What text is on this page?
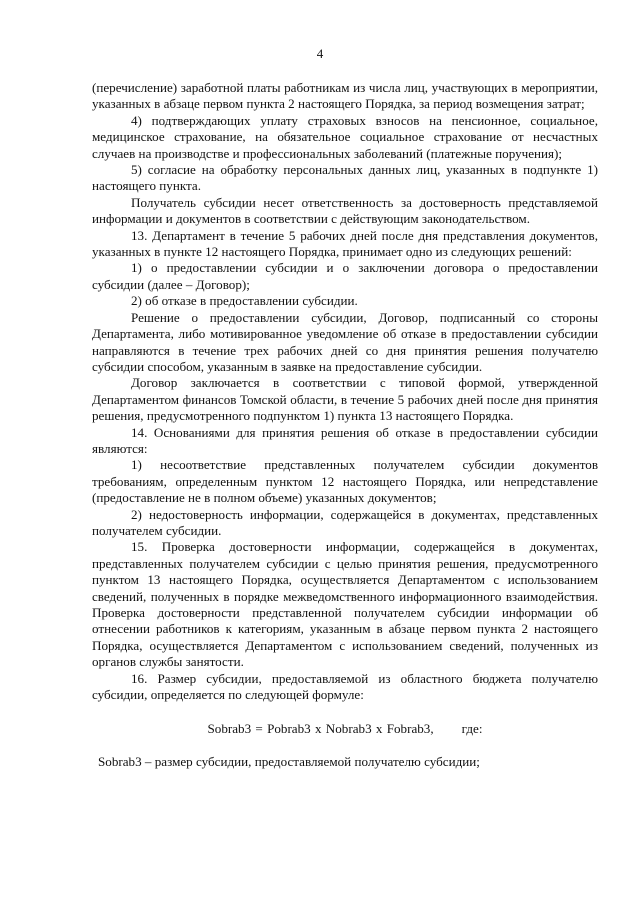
4

(перечисление) заработной платы работникам из числа лиц, участвующих в мероприятии, указанных в абзаце первом пункта 2 настоящего Порядка, за период возмещения затрат;

4) подтверждающих уплату страховых взносов на пенсионное, социальное, медицинское страхование, на обязательное социальное страхование от несчастных случаев на производстве и профессиональных заболеваний (платежные поручения);

5) согласие на обработку персональных данных лиц, указанных в подпункте 1) настоящего пункта.

Получатель субсидии несет ответственность за достоверность представляемой информации и документов в соответствии с действующим законодательством.

13. Департамент в течение 5 рабочих дней после дня представления документов, указанных в пункте 12 настоящего Порядка, принимает одно из следующих решений:

1) о предоставлении субсидии и о заключении договора о предоставлении субсидии (далее – Договор);

2) об отказе в предоставлении субсидии.

Решение о предоставлении субсидии, Договор, подписанный со стороны Департамента, либо мотивированное уведомление об отказе в предоставлении субсидии направляются в течение трех рабочих дней со дня принятия решения получателю субсидии способом, указанным в заявке на предоставление субсидии.

Договор заключается в соответствии с типовой формой, утвержденной Департаментом финансов Томской области, в течение 5 рабочих дней после дня принятия решения, предусмотренного подпунктом 1) пункта 13 настоящего Порядка.

14. Основаниями для принятия решения об отказе в предоставлении субсидии являются:

1) несоответствие представленных получателем субсидии документов требованиям, определенным пунктом 12 настоящего Порядка, или непредставление (предоставление не в полном объеме) указанных документов;

2) недостоверность информации, содержащейся в документах, представленных получателем субсидии.

15. Проверка достоверности информации, содержащейся в документах, представленных получателем субсидии с целью принятия решения, предусмотренного пунктом 13 настоящего Порядка, осуществляется Департаментом с использованием сведений, полученных в порядке межведомственного информационного взаимодействия. Проверка достоверности представленной получателем субсидии информации об отнесении работников к категориям, указанным в абзаце первом пункта 2 настоящего Порядка, осуществляется Департаментом с использованием сведений, полученных из органов службы занятости.

16. Размер субсидии, предоставляемой из областного бюджета получателю субсидии, определяется по следующей формуле:

Sobrab3 = Pobrab3 x Nobrab3 x Fobrab3, где:

Sobrab3 – размер субсидии, предоставляемой получателю субсидии;
